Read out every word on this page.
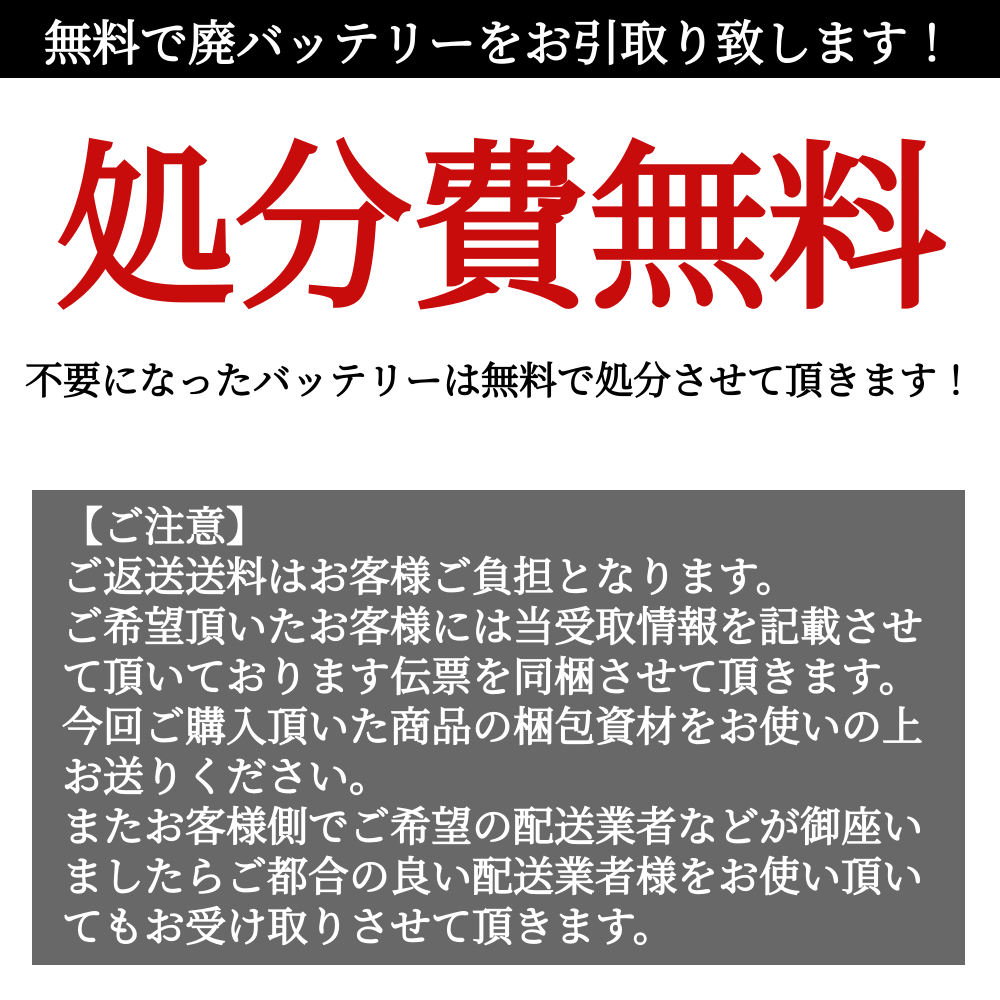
無料で廃バッテリーをお引取り致します！
処分費無料
不要になったバッテリーは無料で処分させて頂きます！
【ご注意】
ご返送送料はお客様ご負担となります。
ご希望頂いたお客様には当受取情報を記載させ
て頂いております伝票を同梱させて頂きます。
今回ご購入頂いた商品の梱包資材をお使いの上
お送りください。
またお客様側でご希望の配送業者などが御座い
ましたらご都合の良い配送業者様をお使い頂い
てもお受け取りさせて頂きます。
